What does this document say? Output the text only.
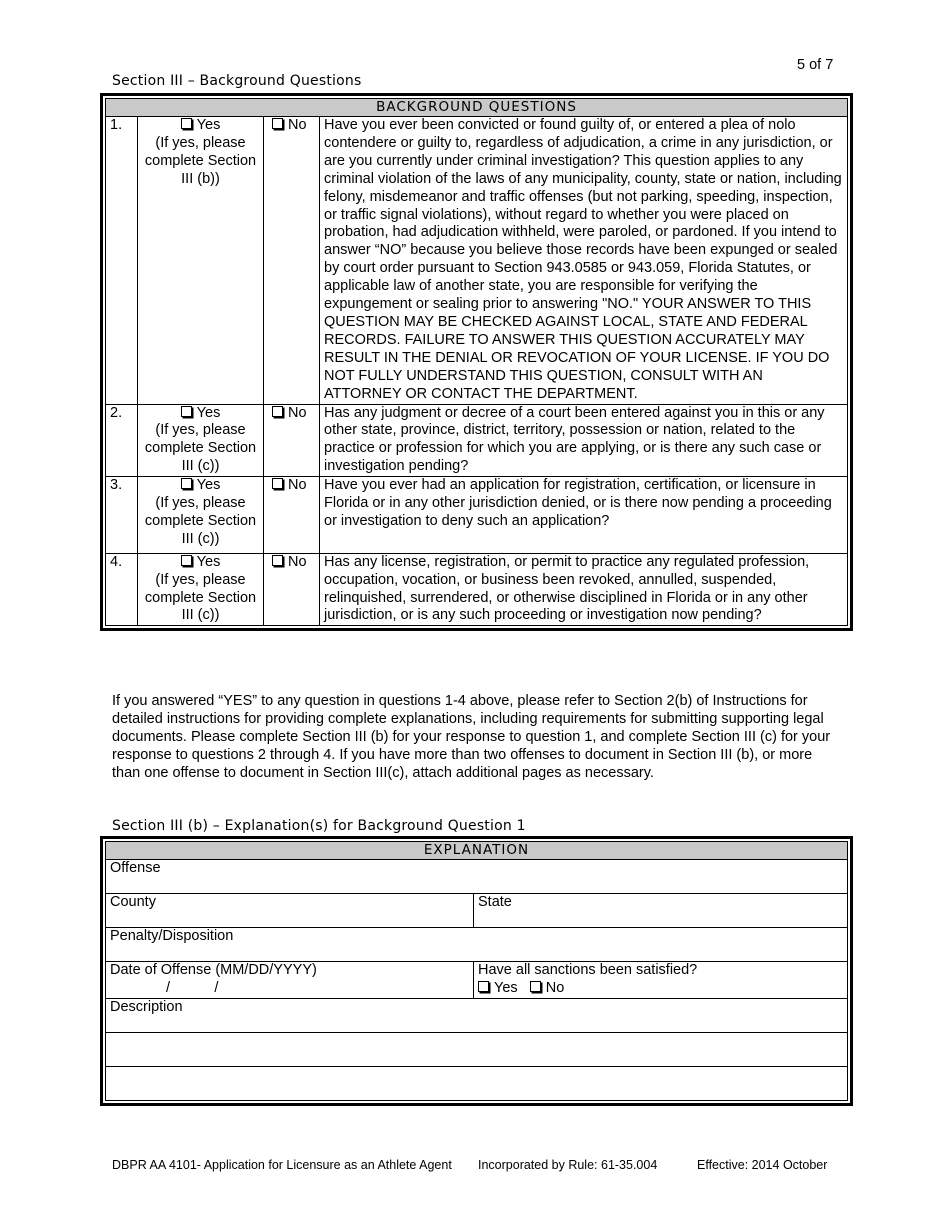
5 of 7
Section III – Background Questions
BACKGROUND QUESTIONS			
1.	Yes
(If yes, please complete Section III (b))	No	Have you ever been convicted or found guilty of, or entered a plea of nolo contendere or guilty to, regardless of adjudication, a crime in any jurisdiction, or are you currently under criminal investigation? This question applies to any criminal violation of the laws of any municipality, county, state or nation, including felony, misdemeanor and traffic offenses (but not parking, speeding, inspection, or traffic signal violations), without regard to whether you were placed on probation, had adjudication withheld, were paroled, or pardoned. If you intend to answer “NO” because you believe those records have been expunged or sealed by court order pursuant to Section 943.0585 or 943.059, Florida Statutes, or applicable law of another state, you are responsible for verifying the expungement or sealing prior to answering "NO." YOUR ANSWER TO THIS QUESTION MAY BE CHECKED AGAINST LOCAL, STATE AND FEDERAL RECORDS. FAILURE TO ANSWER THIS QUESTION ACCURATELY MAY RESULT IN THE DENIAL OR REVOCATION OF YOUR LICENSE. IF YOU DO NOT FULLY UNDERSTAND THIS QUESTION, CONSULT WITH AN ATTORNEY OR CONTACT THE DEPARTMENT.
2.	Yes
(If yes, please complete Section III (c))	No	Has any judgment or decree of a court been entered against you in this or any other state, province, district, territory, possession or nation, related to the practice or profession for which you are applying, or is there any such case or investigation pending?
3.	Yes
(If yes, please complete Section III (c))	No	Have you ever had an application for registration, certification, or licensure in Florida or in any other jurisdiction denied, or is there now pending a proceeding or investigation to deny such an application?
4.	Yes
(If yes, please complete Section III (c))	No	Has any license, registration, or permit to practice any regulated profession, occupation, vocation, or business been revoked, annulled, suspended, relinquished, surrendered, or otherwise disciplined in Florida or in any other jurisdiction, or is any such proceeding or investigation now pending?
If you answered “YES” to any question in questions 1-4 above, please refer to Section 2(b) of Instructions for detailed instructions for providing complete explanations, including requirements for submitting supporting legal documents. Please complete Section III (b) for your response to question 1, and complete Section III (c) for your response to questions 2 through 4. If you have more than two offenses to document in Section III (b), or more than one offense to document in Section III(c), attach additional pages as necessary.
Section III (b) – Explanation(s) for Background Question 1
EXPLANATION	
Offense	
County	State
Penalty/Disposition	
Date of Offense (MM/DD/YYYY)
/           /	Have all sanctions been satisfied?
Yes No
Description	

DBPR AA 4101- Application for Licensure as an Athlete Agent

Incorporated by Rule: 61-35.004

	Effective: 2014 October
